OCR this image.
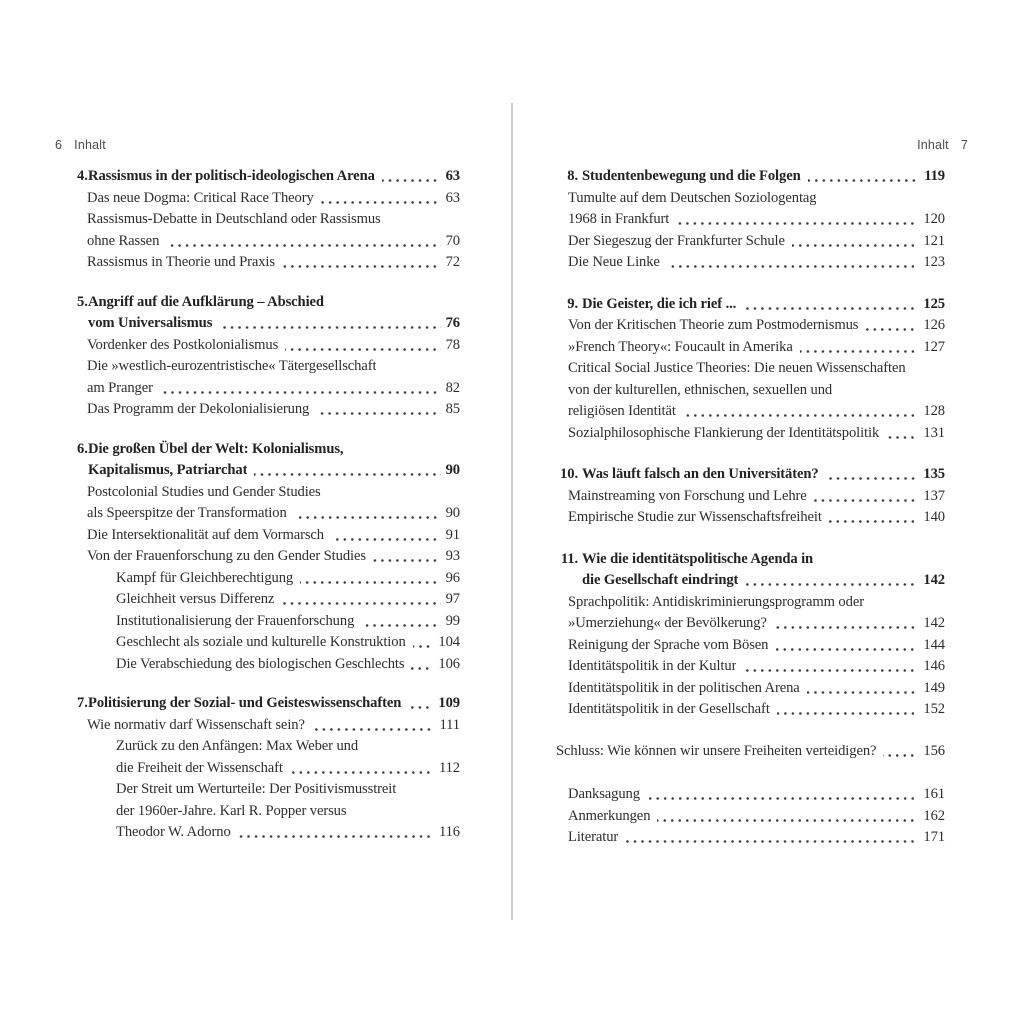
6 Inhalt	Inhalt 7
4. Rassismus in der politisch-ideologischen Arena	63
Das neue Dogma: Critical Race Theory	63
Rassismus-Debatte in Deutschland oder Rassismus
ohne Rassen	70
Rassismus in Theorie und Praxis	72
5. Angriff auf die Aufklärung – Abschied
vom Universalismus	76
Vordenker des Postkolonialismus	78
Die »westlich-eurozentristische« Tätergesellschaft
am Pranger	82
Das Programm der Dekolonialisierung	85
6. Die großen Übel der Welt: Kolonialismus,
Kapitalismus, Patriarchat	90
Postcolonial Studies und Gender Studies
als Speerspitze der Transformation	90
Die Intersektionalität auf dem Vormarsch	91
Von der Frauenforschung zu den Gender Studies	93
Kampf für Gleichberechtigung	96
Gleichheit versus Differenz	97
Institutionalisierung der Frauenforschung	99
Geschlecht als soziale und kulturelle Konstruktion 104
Die Verabschiedung des biologischen Geschlechts 106
7. Politisierung der Sozial- und Geisteswissenschaften	109
Wie normativ darf Wissenschaft sein?	111
Zurück zu den Anfängen: Max Weber und
die Freiheit der Wissenschaft	112
Der Streit um Werturteile: Der Positivismusstreit
der 1960er-Jahre. Karl R. Popper versus
Theodor W. Adorno	116
8. Studentenbewegung und die Folgen	119
Tumulte auf dem Deutschen Soziologentag
1968 in Frankfurt	120
Der Siegeszug der Frankfurter Schule	121
Die Neue Linke	123
9. Die Geister, die ich rief ...	125
Von der Kritischen Theorie zum Postmodernismus	126
»French Theory«: Foucault in Amerika	127
Critical Social Justice Theories: Die neuen Wissenschaften
von der kulturellen, ethnischen, sexuellen und
religiösen Identität	128
Sozialphilosophische Flankierung der Identitätspolitik	131
10. Was läuft falsch an den Universitäten?	135
Mainstreaming von Forschung und Lehre	137
Empirische Studie zur Wissenschaftsfreiheit	140
11. Wie die identitätspolitische Agenda in
die Gesellschaft eindringt	142
Sprachpolitik: Antidiskriminierungsprogramm oder
»Umerziehung« der Bevölkerung?	142
Reinigung der Sprache vom Bösen	144
Identitätspolitik in der Kultur	146
Identitätspolitik in der politischen Arena	149
Identitätspolitik in der Gesellschaft	152
Schluss: Wie können wir unsere Freiheiten verteidigen?	156
Danksagung	161
Anmerkungen	162
Literatur	171
